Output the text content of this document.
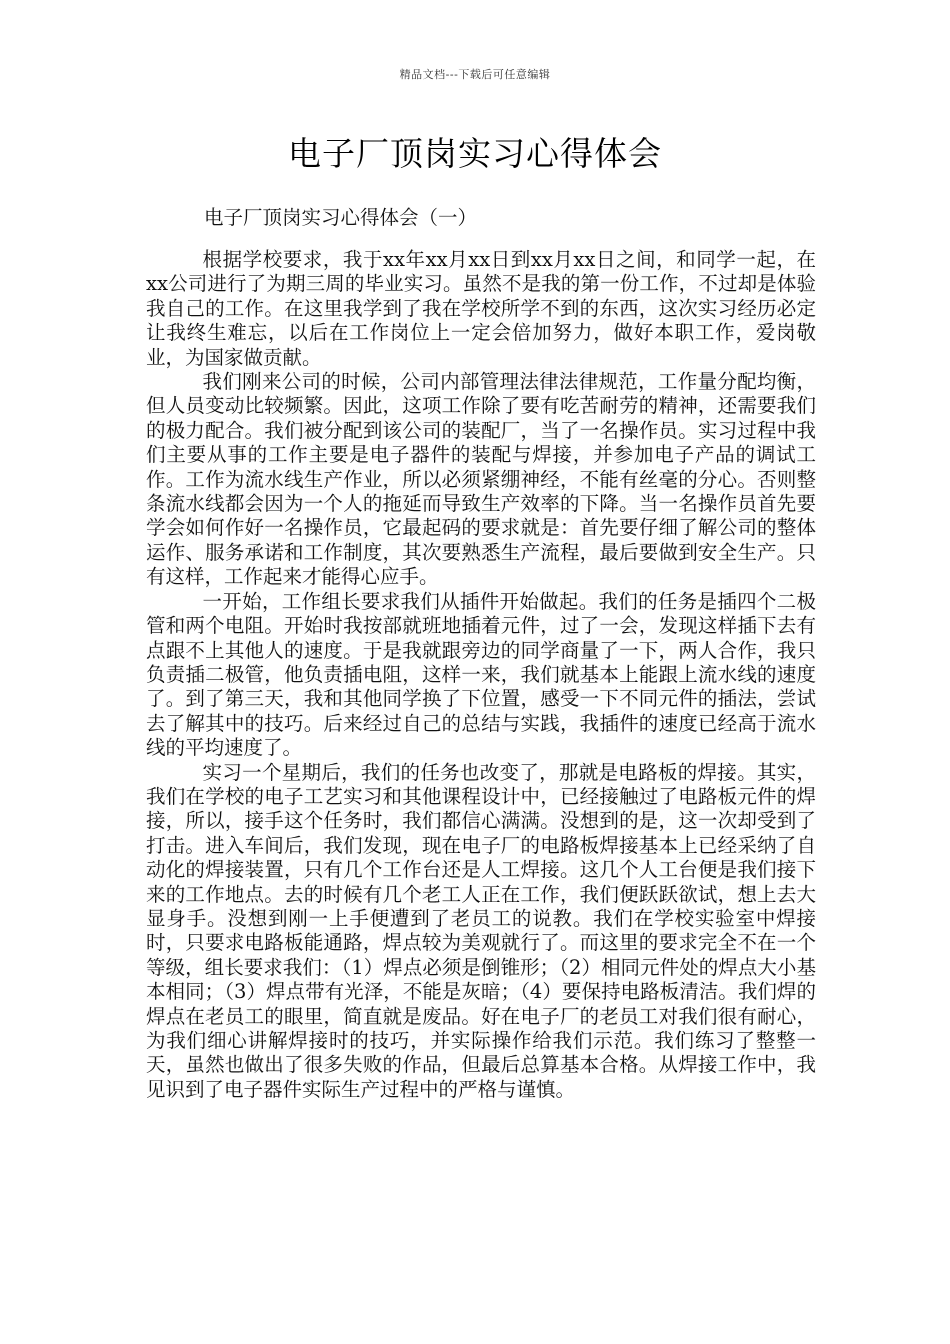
精品文档---下载后可任意编辑
电子厂顶岗实习心得体会
电子厂顶岗实习心得体会（一）

根据学校要求，我于xx年xx月xx日到xx月xx日之间，和同学一起，在xx公司进行了为期三周的毕业实习。虽然不是我的第一份工作，不过却是体验我自己的工作。在这里我学到了我在学校所学不到的东西，这次实习经历必定让我终生难忘，以后在工作岗位上一定会倍加努力，做好本职工作，爱岗敬业，为国家做贡献。

我们刚来公司的时候，公司内部管理法律法律规范，工作量分配均衡，但人员变动比较频繁。因此，这项工作除了要有吃苦耐劳的精神，还需要我们的极力配合。我们被分配到该公司的装配厂，当了一名操作员。实习过程中我们主要从事的工作主要是电子器件的装配与焊接，并参加电子产品的调试工作。工作为流水线生产作业，所以必须紧绷神经，不能有丝毫的分心。否则整条流水线都会因为一个人的拖延而导致生产效率的下降。当一名操作员首先要学会如何作好一名操作员，它最起码的要求就是：首先要仔细了解公司的整体运作、服务承诺和工作制度，其次要熟悉生产流程，最后要做到安全生产。只有这样，工作起来才能得心应手。

一开始，工作组长要求我们从插件开始做起。我们的任务是插四个二极管和两个电阻。开始时我按部就班地插着元件，过了一会，发现这样插下去有点跟不上其他人的速度。于是我就跟旁边的同学商量了一下，两人合作，我只负责插二极管，他负责插电阻，这样一来，我们就基本上能跟上流水线的速度了。到了第三天，我和其他同学换了下位置，感受一下不同元件的插法，尝试去了解其中的技巧。后来经过自己的总结与实践，我插件的速度已经高于流水线的平均速度了。

实习一个星期后，我们的任务也改变了，那就是电路板的焊接。其实，我们在学校的电子工艺实习和其他课程设计中，已经接触过了电路板元件的焊接，所以，接手这个任务时，我们都信心满满。没想到的是，这一次却受到了打击。进入车间后，我们发现，现在电子厂的电路板焊接基本上已经采纳了自动化的焊接装置，只有几个工作台还是人工焊接。这几个人工台便是我们接下来的工作地点。去的时候有几个老工人正在工作，我们便跃跃欲试，想上去大显身手。没想到刚一上手便遭到了老员工的说教。我们在学校实验室中焊接时，只要求电路板能通路，焊点较为美观就行了。而这里的要求完全不在一个等级，组长要求我们：（1）焊点必须是倒锥形；（2）相同元件处的焊点大小基本相同；（3）焊点带有光泽，不能是灰暗；（4）要保持电路板清洁。我们焊的焊点在老员工的眼里，简直就是废品。好在电子厂的老员工对我们很有耐心，为我们细心讲解焊接时的技巧，并实际操作给我们示范。我们练习了整整一天，虽然也做出了很多失败的作品，但最后总算基本合格。从焊接工作中，我见识到了电子器件实际生产过程中的严格与谨慎。
